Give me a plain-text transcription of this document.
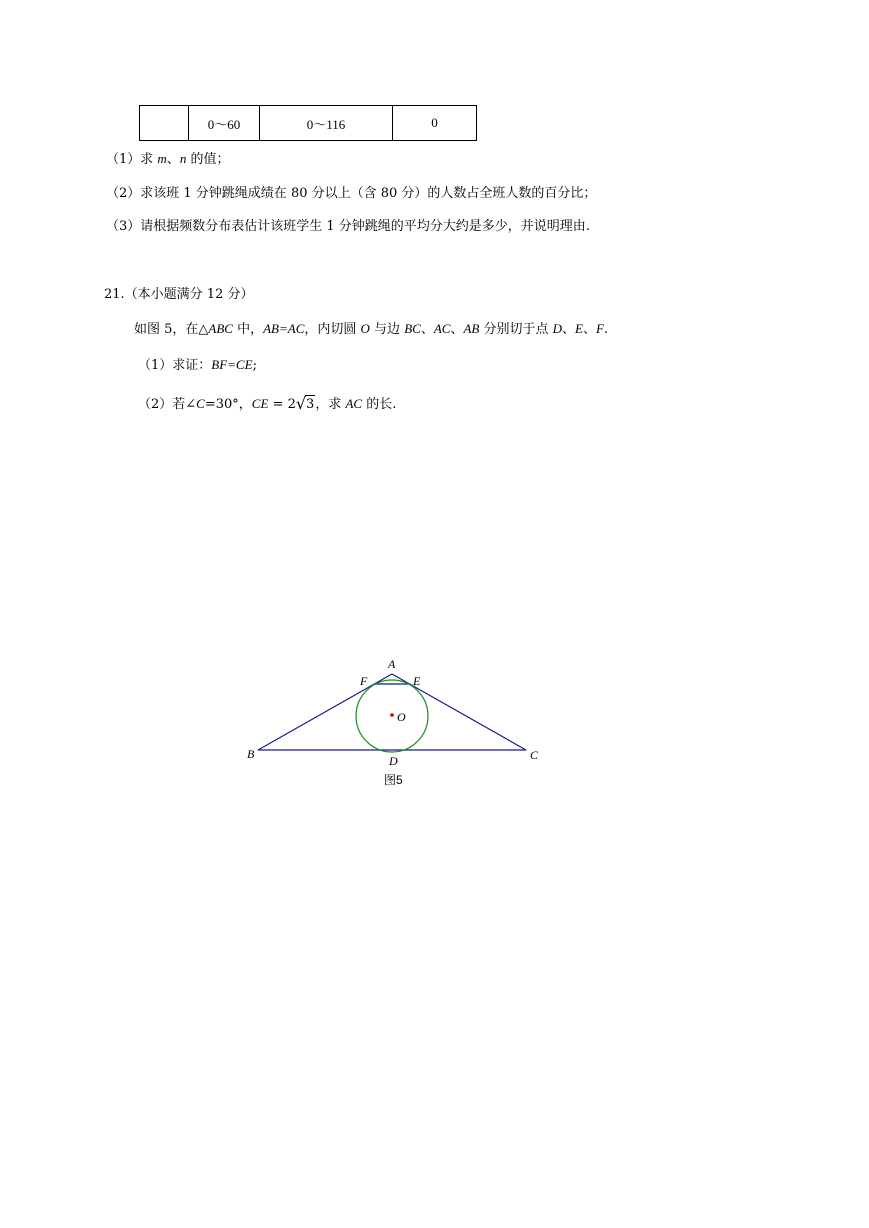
	0～60	0～116	0
（1）求 m、n 的值；
（2）求该班 1 分钟跳绳成绩在 80 分以上（含 80 分）的人数占全班人数的百分比；
（3）请根据频数分布表估计该班学生 1 分钟跳绳的平均分大约是多少，并说明理由.
21.（本小题满分 12 分）
如图 5，在△ABC 中，AB=AC，内切圆 O 与边 BC、AC、AB 分别切于点 D、E、F.
（1）求证：BF=CE;
（2）若∠C=30°，CE = 2√3，求 AC 的长.
A
F	E
O
B	C
D
图5
